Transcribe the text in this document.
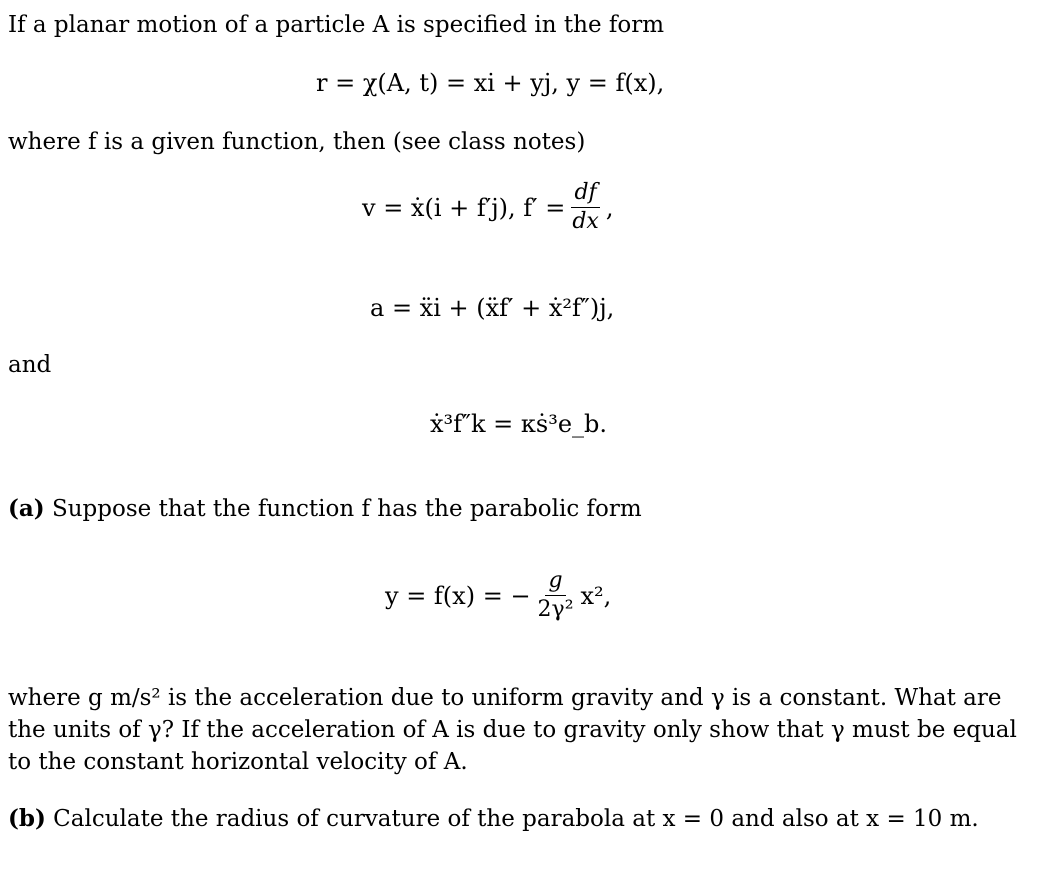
If a planar motion of a particle A is specified in the form
r = χ(A, t) = xi + yj, y = f(x),
where f is a given function, then (see class notes)
v = ẋ(i + f′j), $f' = \frac{df}{dx}$ ,
a = ẍi + (ẍf′ + ẋ²f″)j,
and
ẋ³f″k = κṡ³e_b.
(a) Suppose that the function f has the parabolic form
y = f(x) = − $\frac{g}{\text{2γ²}} x^2$,
where g m/s² is the acceleration due to uniform gravity and γ is a constant. What are the units of γ? If the acceleration of A is due to gravity only show that γ must be equal to the constant horizontal velocity of A.
(b) Calculate the radius of curvature of the parabola at x = 0 and also at x = 10 m.
